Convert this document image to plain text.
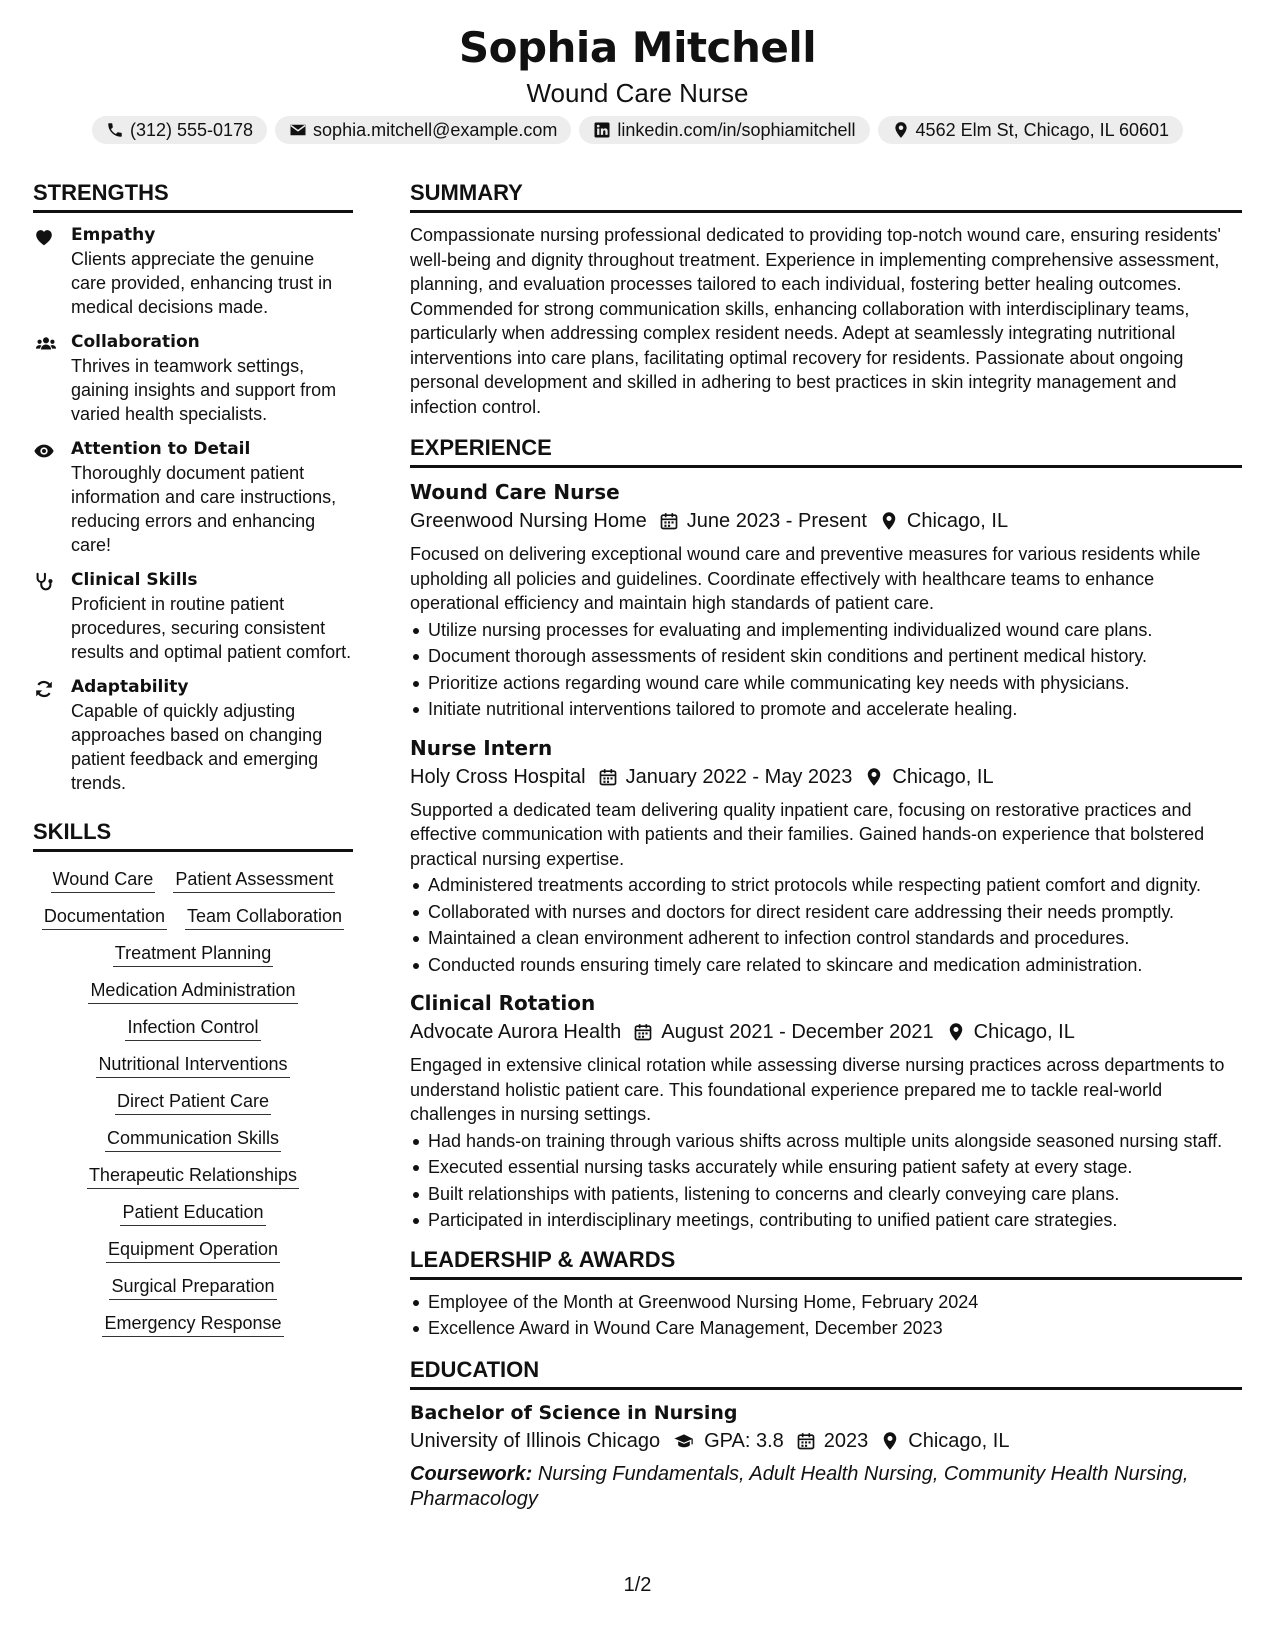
Sophia Mitchell
Wound Care Nurse
(312) 555-0178	sophia.mitchell@example.com	linkedin.com/in/sophiamitchell	4562 Elm St, Chicago, IL 60601
STRENGTHS
Empathy
Clients appreciate the genuine care provided, enhancing trust in medical decisions made.
Collaboration
Thrives in teamwork settings, gaining insights and support from varied health specialists.
Attention to Detail
Thoroughly document patient information and care instructions, reducing errors and enhancing care!
Clinical Skills
Proficient in routine patient procedures, securing consistent results and optimal patient comfort.
Adaptability
Capable of quickly adjusting approaches based on changing patient feedback and emerging trends.
SKILLS
Wound Care Patient Assessment
Documentation Team Collaboration
Treatment Planning
Medication Administration
Infection Control
Nutritional Interventions
Direct Patient Care
Communication Skills
Therapeutic Relationships
Patient Education
Equipment Operation
Surgical Preparation
Emergency Response
SUMMARY
Compassionate nursing professional dedicated to providing top-notch wound care, ensuring residents' well-being and dignity throughout treatment. Experience in implementing comprehensive assessment, planning, and evaluation processes tailored to each individual, fostering better healing outcomes. Commended for strong communication skills, enhancing collaboration with interdisciplinary teams, particularly when addressing complex resident needs. Adept at seamlessly integrating nutritional interventions into care plans, facilitating optimal recovery for residents. Passionate about ongoing personal development and skilled in adhering to best practices in skin integrity management and infection control.
EXPERIENCE
Wound Care Nurse
Greenwood Nursing Home June 2023 - Present Chicago, IL
Focused on delivering exceptional wound care and preventive measures for various residents while upholding all policies and guidelines. Coordinate effectively with healthcare teams to enhance operational efficiency and maintain high standards of patient care.
Utilize nursing processes for evaluating and implementing individualized wound care plans.
Document thorough assessments of resident skin conditions and pertinent medical history.
Prioritize actions regarding wound care while communicating key needs with physicians.
Initiate nutritional interventions tailored to promote and accelerate healing.
Nurse Intern
Holy Cross Hospital January 2022 - May 2023 Chicago, IL
Supported a dedicated team delivering quality inpatient care, focusing on restorative practices and effective communication with patients and their families. Gained hands-on experience that bolstered practical nursing expertise.
Administered treatments according to strict protocols while respecting patient comfort and dignity.
Collaborated with nurses and doctors for direct resident care addressing their needs promptly.
Maintained a clean environment adherent to infection control standards and procedures.
Conducted rounds ensuring timely care related to skincare and medication administration.
Clinical Rotation
Advocate Aurora Health August 2021 - December 2021 Chicago, IL
Engaged in extensive clinical rotation while assessing diverse nursing practices across departments to understand holistic patient care. This foundational experience prepared me to tackle real-world challenges in nursing settings.
Had hands-on training through various shifts across multiple units alongside seasoned nursing staff.
Executed essential nursing tasks accurately while ensuring patient safety at every stage.
Built relationships with patients, listening to concerns and clearly conveying care plans.
Participated in interdisciplinary meetings, contributing to unified patient care strategies.
LEADERSHIP & AWARDS
Employee of the Month at Greenwood Nursing Home, February 2024
Excellence Award in Wound Care Management, December 2023
EDUCATION
Bachelor of Science in Nursing
University of Illinois Chicago GPA: 3.8 2023 Chicago, IL
Coursework: Nursing Fundamentals, Adult Health Nursing, Community Health Nursing, Pharmacology
1/2
